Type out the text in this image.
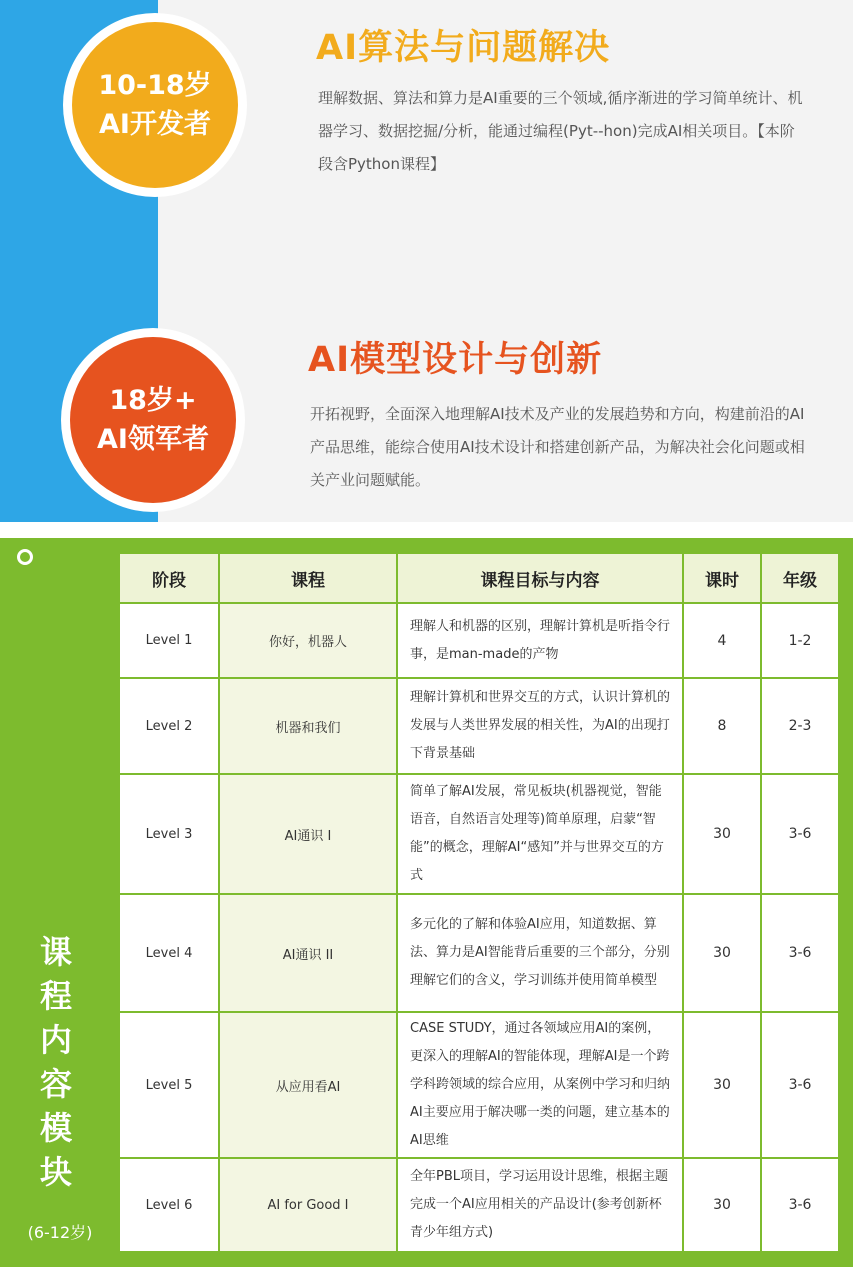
10-18岁
AI开发者
AI算法与问题解决
理解数据、算法和算力是AI重要的三个领域,循序渐进的学习简单统计、机器学习、数据挖掘/分析，能通过编程(Pyt--hon)完成AI相关项目。【本阶段含Python课程】
18岁+
AI领军者
AI模型设计与创新
开拓视野，全面深入地理解AI技术及产业的发展趋势和方向，构建前沿的AI产品思维，能综合使用AI技术设计和搭建创新产品，为解决社会化问题或相关产业问题赋能。
课
程
内
容
模
块
(6-12岁)
阶段	课程	课程目标与内容	课时	年级
Level 1	你好，机器人	理解人和机器的区别，理解计算机是听指令行事，是man-made的产物	4	1-2
Level 2	机器和我们	理解计算机和世界交互的方式，认识计算机的发展与人类世界发展的相关性，为AI的出现打下背景基础	8	2-3
Level 3	AI通识 I	简单了解AI发展，常见板块(机器视觉，智能语音，自然语言处理等)简单原理，启蒙“智能”的概念，理解AI“感知”并与世界交互的方式	30	3-6
Level 4	AI通识 II	多元化的了解和体验AI应用，知道数据、算法、算力是AI智能背后重要的三个部分，分别理解它们的含义，学习训练并使用简单模型	30	3-6
Level 5	从应用看AI	CASE STUDY，通过各领域应用AI的案例，更深入的理解AI的智能体现，理解AI是一个跨学科跨领域的综合应用，从案例中学习和归纳AI主要应用于解决哪一类的问题，建立基本的AI思维	30	3-6
Level 6	AI for Good I	全年PBL项目，学习运用设计思维，根据主题完成一个AI应用相关的产品设计(参考创新杯青少年组方式)	30	3-6
